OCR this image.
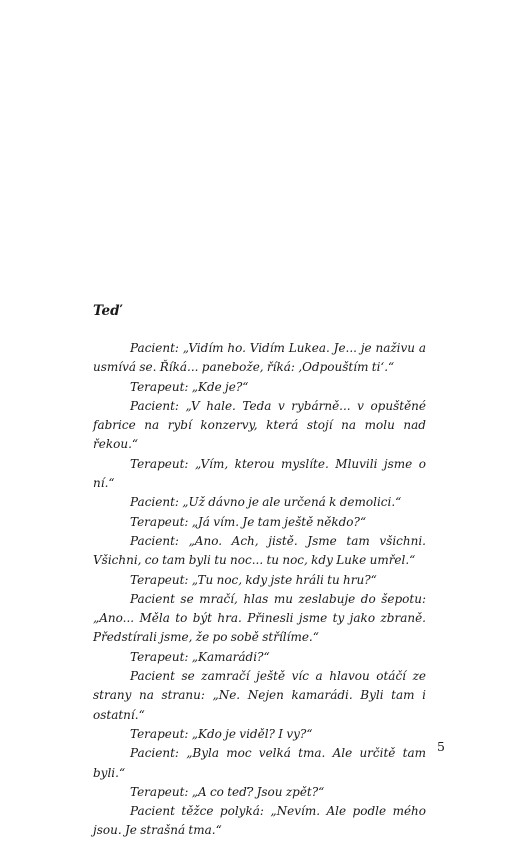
Teď

Pacient: „Vidím ho. Vidím Lukea. Je... je naživu a usmívá se. Říká... panebože, říká: ‚Odpouštím ti‘.“

Terapeut: „Kde je?“

Pacient: „V hale. Teda v rybárně... v opuštěné fabrice na rybí konzervy, která stojí na molu nad řekou.“

Terapeut: „Vím, kterou myslíte. Mluvili jsme o ní.“

Pacient: „Už dávno je ale určená k demolici.“

Terapeut: „Já vím. Je tam ještě někdo?“

Pacient: „Ano. Ach, jistě. Jsme tam všichni. Všichni, co tam byli tu noc... tu noc, kdy Luke umřel.“

Terapeut: „Tu noc, kdy jste hráli tu hru?“

Pacient se mračí, hlas mu zeslabuje do šepotu: „Ano... Měla to být hra. Přinesli jsme ty jako zbraně. Předstírali jsme, že po sobě střílíme.“

Terapeut: „Kamarádi?“

Pacient se zamračí ještě víc a hlavou otáčí ze strany na stranu: „Ne. Nejen kamarádi. Byli tam i ostatní.“

Terapeut: „Kdo je viděl? I vy?“

Pacient: „Byla moc velká tma. Ale určitě tam byli.“

Terapeut: „A co teď? Jsou zpět?“

Pacient těžce polyká: „Nevím. Ale podle mého jsou. Je strašná tma.“

5
